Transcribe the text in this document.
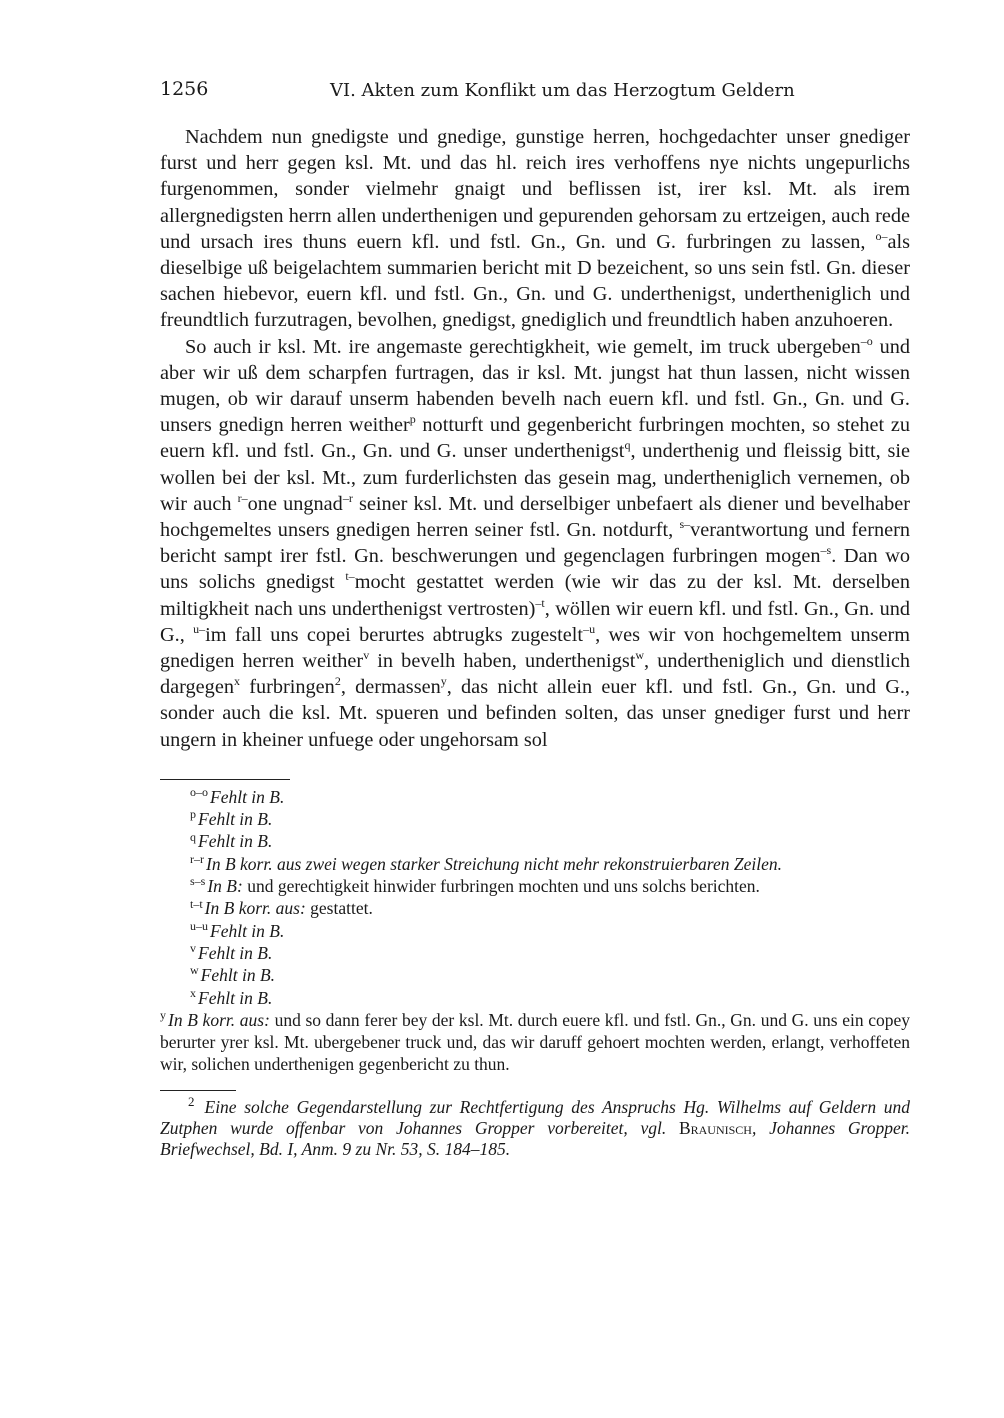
1256	VI. Akten zum Konflikt um das Herzogtum Geldern

Nachdem nun gnedigste und gnedige, gunstige herren, hochgedachter unser gnediger furst und herr gegen ksl. Mt. und das hl. reich ires verhoffens nye nichts ungepurlichs furgenommen, sonder vielmehr gnaigt und beflissen ist, irer ksl. Mt. als irem allergnedigsten herrn allen underthenigen und gepurenden gehorsam zu ertzeigen, auch rede und ursach ires thuns euern kfl. und fstl. Gn., Gn. und G. furbringen zu lassen, $^{o-}$als dieselbige uß beigelachtem summarien bericht mit D bezeichent, so uns sein fstl. Gn. dieser sachen hiebevor, euern kfl. und fstl. Gn., Gn. und G. underthenigst, undertheniglich und freundtlich furzutragen, bevolhen, gnedigst, gnediglich und freundtlich haben anzuhoeren.

So auch ir ksl. Mt. ire angemaste gerechtigkheit, wie gemelt, im truck ubergeben$^{-o}$ und aber wir uß dem scharpfen furtragen, das ir ksl. Mt. jungst hat thun lassen, nicht wissen mugen, ob wir darauf unserm habenden bevelh nach euern kfl. und fstl. Gn., Gn. und G. unsers gnedign herren weither$^p$ notturft und gegenbericht furbringen mochten, so stehet zu euern kfl. und fstl. Gn., Gn. und G. unser underthenigst$^q$, underthenig und fleissig bitt, sie wollen bei der ksl. Mt., zum furderlichsten das gesein mag, undertheniglich vernemen, ob wir auch $^{r-}$one ungnad$^{-r}$ seiner ksl. Mt. und derselbiger unbefaert als diener und bevelhaber hochgemeltes unsers gnedigen herren seiner fstl. Gn. notdurft, $^{s-}$verantwortung und fernern bericht sampt irer fstl. Gn. beschwerungen und gegenclagen furbringen mogen$^{-s}$. Dan wo uns solichs gnedigst $^{t-}$mocht gestattet werden (wie wir das zu der ksl. Mt. derselben miltigkheit nach uns underthenigst vertrosten)$^{-t}$, wöllen wir euern kfl. und fstl. Gn., Gn. und G., $^{u-}$im fall uns copei berurtes abtrugks zugestelt$^{-u}$, wes wir von hochgemeltem unserm gnedigen herren weither$^v$ in bevelh haben, underthenigst$^w$, undertheniglich und dienstlich dargegen$^x$ furbringen$^2$, dermassen$^y$, das nicht allein euer kfl. und fstl. Gn., Gn. und G., sonder auch die ksl. Mt. spueren und befinden solten, das unser gnediger furst und herr ungern in kheiner unfuege oder ungehorsam sol

$^{o-o}$ Fehlt in B.
$^p$ Fehlt in B.
$^q$ Fehlt in B.
$^{r-r}$ In B korr. aus zwei wegen starker Streichung nicht mehr rekonstruierbaren Zeilen.
$^{s-s}$ In B: und gerechtigkeit hinwider furbringen mochten und uns solchs berichten.
$^{t-t}$ In B korr. aus: gestattet.
$^{u-u}$ Fehlt in B.
$^v$ Fehlt in B.
$^w$ Fehlt in B.
$^x$ Fehlt in B.
$^y$ In B korr. aus: und so dann ferer bey der ksl. Mt. durch euere kfl. und fstl. Gn., Gn. und G. uns ein copey berurter yrer ksl. Mt. ubergebener truck und, das wir daruff gehoert mochten werden, erlangt, verhoffeten wir, solichen underthenigen gegenbericht zu thun.
$^2$ Eine solche Gegendarstellung zur Rechtfertigung des Anspruchs Hg. Wilhelms auf Geldern und Zutphen wurde offenbar von Johannes Gropper vorbereitet, vgl. Braunisch, Johannes Gropper. Briefwechsel, Bd. I, Anm. 9 zu Nr. 53, S. 184–185.
